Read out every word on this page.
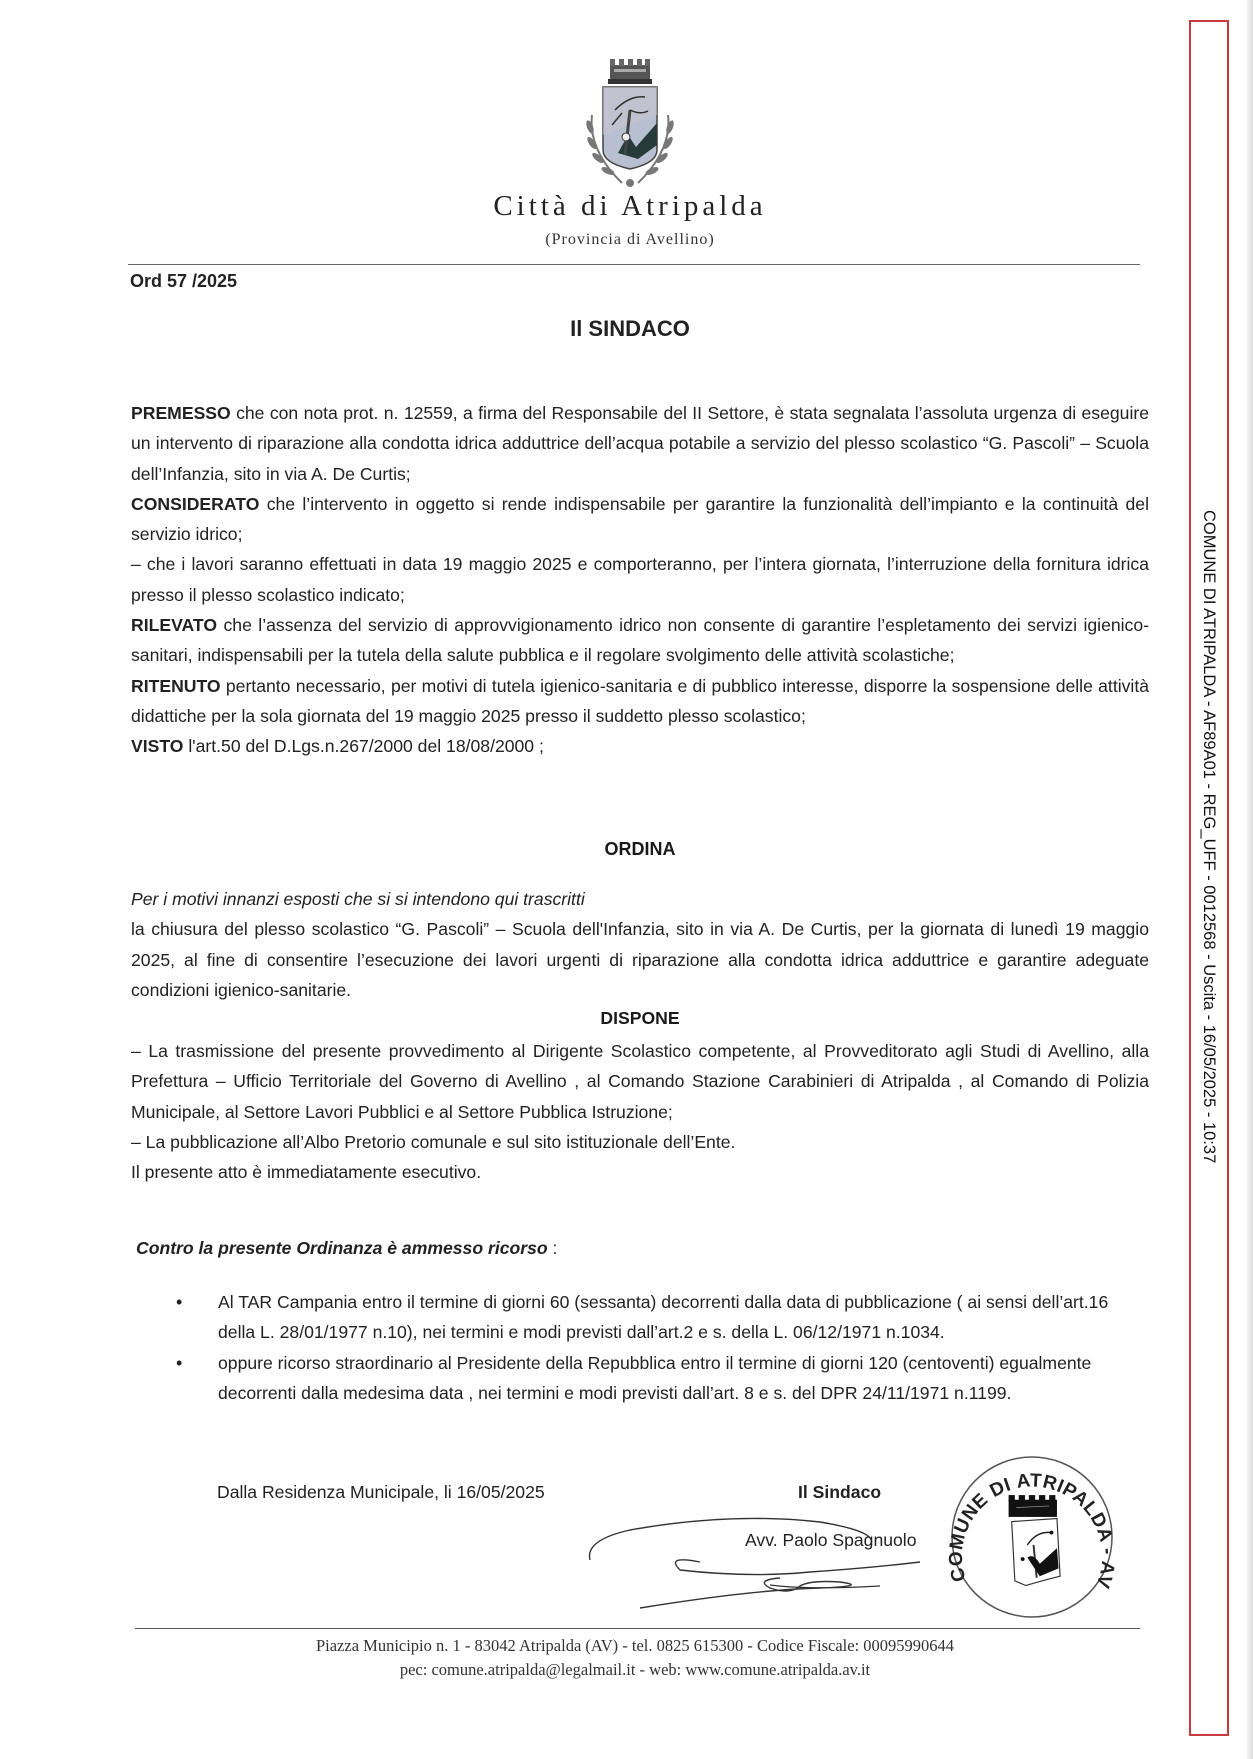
Città di Atripalda
(Provincia di Avellino)
Ord 57 /2025
Il SINDACO

PREMESSO che con nota prot. n. 12559, a firma del Responsabile del II Settore, è stata segnalata l’assoluta urgenza di eseguire un intervento di riparazione alla condotta idrica adduttrice dell’acqua potabile a servizio del plesso scolastico “G. Pascoli” – Scuola dell’Infanzia, sito in via A. De Curtis;

CONSIDERATO che l’intervento in oggetto si rende indispensabile per garantire la funzionalità dell’impianto e la continuità del servizio idrico;

– che i lavori saranno effettuati in data 19 maggio 2025 e comporteranno, per l’intera giornata, l’interruzione della fornitura idrica presso il plesso scolastico indicato;

RILEVATO che l’assenza del servizio di approvvigionamento idrico non consente di garantire l’espletamento dei servizi igienico-sanitari, indispensabili per la tutela della salute pubblica e il regolare svolgimento delle attività scolastiche;

RITENUTO pertanto necessario, per motivi di tutela igienico-sanitaria e di pubblico interesse, disporre la sospensione delle attività didattiche per la sola giornata del 19 maggio 2025 presso il suddetto plesso scolastico;

VISTO l'art.50 del D.Lgs.n.267/2000 del 18/08/2000 ;

ORDINA

Per i motivi innanzi esposti che si si intendono qui trascritti

la chiusura del plesso scolastico “G. Pascoli” – Scuola dell'Infanzia, sito in via A. De Curtis, per la giornata di lunedì 19 maggio 2025, al fine di consentire l’esecuzione dei lavori urgenti di riparazione alla condotta idrica adduttrice e garantire adeguate condizioni igienico-sanitarie.

DISPONE

– La trasmissione del presente provvedimento al Dirigente Scolastico competente, al Provveditorato agli Studi di Avellino, alla Prefettura – Ufficio Territoriale del Governo di Avellino , al Comando Stazione Carabinieri di Atripalda , al Comando di Polizia Municipale, al Settore Lavori Pubblici e al Settore Pubblica Istruzione;

– La pubblicazione all’Albo Pretorio comunale e sul sito istituzionale dell’Ente.

Il presente atto è immediatamente esecutivo.

Contro la presente Ordinanza è ammesso ricorso :
• Al TAR Campania entro il termine di giorni 60 (sessanta) decorrenti dalla data di pubblicazione ( ai sensi dell’art.16 della L. 28/01/1977 n.10), nei termini e modi previsti dall’art.2 e s. della L. 06/12/1971 n.1034.
• oppure ricorso straordinario al Presidente della Repubblica entro il termine di giorni 120 (centoventi) egualmente decorrenti dalla medesima data , nei termini e modi previsti dall’art. 8 e s. del DPR 24/11/1971 n.1199.
Dalla Residenza Municipale, li 16/05/2025	Il Sindaco
Avv. Paolo Spagnuolo
COMUNE DI ATRIPALDA - AV
Piazza Municipio n. 1 - 83042 Atripalda (AV) - tel. 0825 615300 - Codice Fiscale: 00095990644
pec: comune.atripalda@legalmail.it - web: www.comune.atripalda.av.it
COMUNE DI ATRIPALDA - AF89A01 - REG_UFF - 0012568 - Uscita - 16/05/2025 - 10:37
